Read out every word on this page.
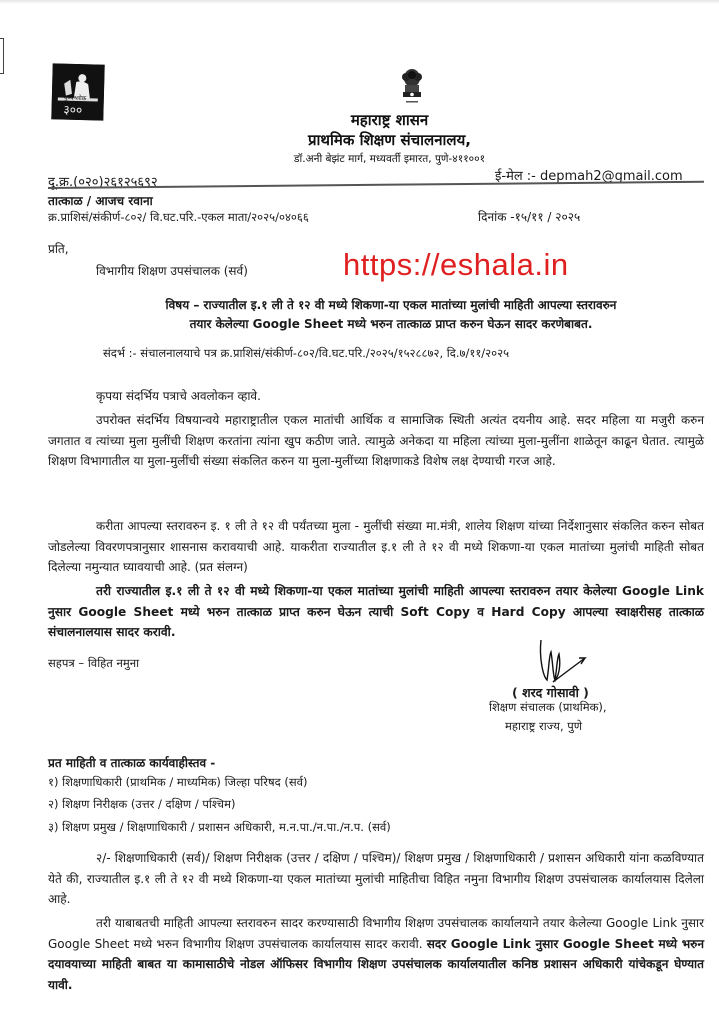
पुण्यश्लोक
३००
महाराष्ट्र शासन
प्राथमिक शिक्षण संचालनालय,
डॉ.अनी बेझंट मार्ग, मध्यवर्ती इमारत, पुणे-४११००१
दू.क्र.(०२०)२६१२५६९२	ई-मेल :- depmah2@gmail.com
तात्काळ / आजच रवाना
क्र.प्राशिसं/संकीर्ण-८०२/ वि.घट.परि.-एकल माता/२०२५/०४०६६	दिनांक -१५/११ / २०२५
प्रति,
विभागीय शिक्षण उपसंचालक (सर्व)	https://eshala.in
विषय – राज्यातील इ.१ ली ते १२ वी मध्ये शिकणा-या एकल मातांच्या मुलांची माहिती आपल्या स्तरावरुन
तयार केलेल्या Google Sheet मध्ये भरुन तात्काळ प्राप्त करुन घेऊन सादर करणेबाबत.
संदर्भ :- संचालनालयाचे पत्र क्र.प्राशिसं/संकीर्ण-८०२/वि.घट.परि./२०२५/१५२८८७२, दि.७/११/२०२५
कृपया संदर्भिय पत्राचे अवलोकन व्हावे.
उपरोक्त संदर्भिय विषयान्वये महाराष्ट्रातील एकल मातांची आर्थिक व सामाजिक स्थिती अत्यंत दयनीय आहे. सदर महिला या मजुरी करुन जगतात व त्यांच्या मुला मुलींची शिक्षण करतांना त्यांना खुप कठीण जाते. त्यामुळे अनेकदा या महिला त्यांच्या मुला-मुलींना शाळेतून काढून घेतात. त्यामुळे शिक्षण विभागातील या मुला-मुलींची संख्या संकलित करुन या मुला-मुलींच्या शिक्षणाकडे विशेष लक्ष देण्याची गरज आहे.
करीता आपल्या स्तरावरुन इ. १ ली ते १२ वी पर्यंतच्या मुला - मुलींची संख्या मा.मंत्री, शालेय शिक्षण यांच्या निर्देशानुसार संकलित करुन सोबत जोडलेल्या विवरणपत्रानुसार शासनास करावयाची आहे. याकरीता राज्यातील इ.१ ली ते १२ वी मध्ये शिकणा-या एकल मातांच्या मुलांची माहिती सोबत दिलेल्या नमुन्यात घ्यावयाची आहे. (प्रत संलग्न)
तरी राज्यातील इ.१ ली ते १२ वी मध्ये शिकणा-या एकल मातांच्या मुलांची माहिती आपल्या स्तरावरुन तयार केलेल्या Google Link नुसार Google Sheet मध्ये भरुन तात्काळ प्राप्त करुन घेऊन त्याची Soft Copy व Hard Copy आपल्या स्वाक्षरीसह तात्काळ संचालनालयास सादर करावी.
सहपत्र – विहित नमुना
( शरद गोसावी )
शिक्षण संचालक (प्राथमिक),
महाराष्ट्र राज्य, पुणे
प्रत माहिती व तात्काळ कार्यवाहीस्तव -
१) शिक्षणाधिकारी (प्राथमिक / माध्यमिक) जिल्हा परिषद (सर्व)
२) शिक्षण निरीक्षक (उत्तर / दक्षिण / पश्चिम)
३) शिक्षण प्रमुख / शिक्षणाधिकारी / प्रशासन अधिकारी, म.न.पा./न.पा./न.प. (सर्व)
२/- शिक्षणाधिकारी (सर्व)/ शिक्षण निरीक्षक (उत्तर / दक्षिण / पश्चिम)/ शिक्षण प्रमुख / शिक्षणाधिकारी / प्रशासन अधिकारी यांना कळविण्यात येते की, राज्यातील इ.१ ली ते १२ वी मध्ये शिकणा-या एकल मातांच्या मुलांची माहितीचा विहित नमुना विभागीय शिक्षण उपसंचालक कार्यालयास दिलेला आहे.
तरी याबाबतची माहिती आपल्या स्तरावरुन सादर करण्यासाठी विभागीय शिक्षण उपसंचालक कार्यालयाने तयार केलेल्या Google Link नुसार Google Sheet मध्ये भरुन विभागीय शिक्षण उपसंचालक कार्यालयास सादर करावी. सदर Google Link नुसार Google Sheet मध्ये भरुन दयावयाच्या माहिती बाबत या कामासाठीचे नोडल ऑफिसर विभागीय शिक्षण उपसंचालक कार्यालयातील कनिष्ठ प्रशासन अधिकारी यांचेकडून घेण्यात यावी.
